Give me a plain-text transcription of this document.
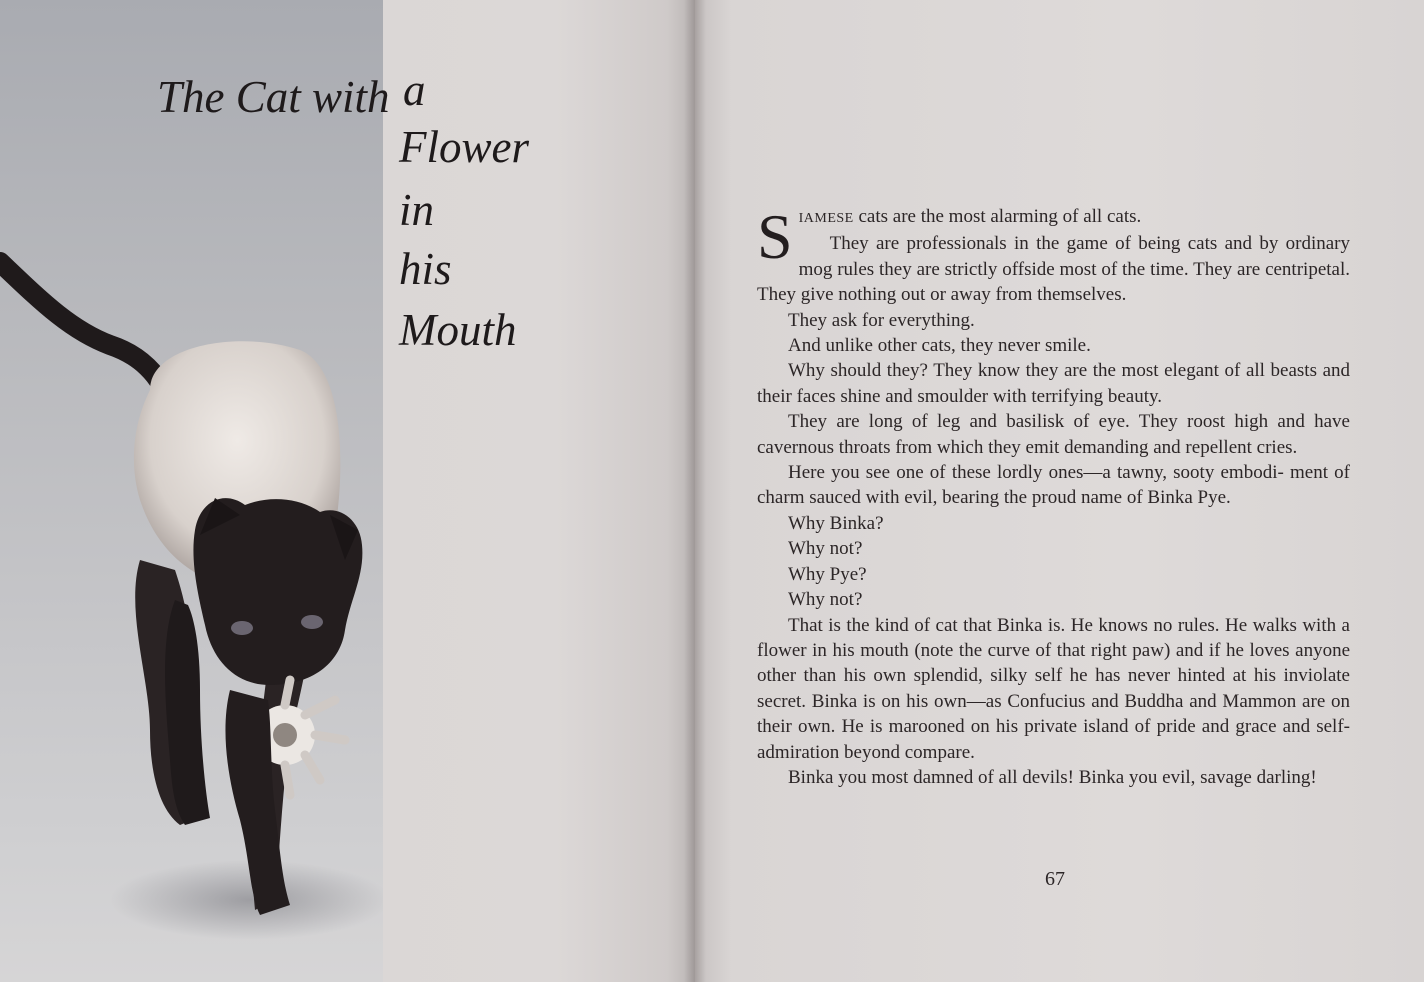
The Cat with a
Flower
in
his
Mouth

SIAMESE cats are the most alarming of all cats.

They are professionals in the game of being cats and by ordinary mog rules they are strictly offside most of the time. They are centripetal. They give nothing out or away from themselves.

They ask for everything.

And unlike other cats, they never smile.

Why should they? They know they are the most elegant of all beasts and their faces shine and smoulder with terrifying beauty.

They are long of leg and basilisk of eye. They roost high and have cavernous throats from which they emit demanding and repellent cries.

Here you see one of these lordly ones—a tawny, sooty embodi- ment of charm sauced with evil, bearing the proud name of Binka Pye.

Why Binka?

Why not?

Why Pye?

Why not?

That is the kind of cat that Binka is. He knows no rules. He walks with a flower in his mouth (note the curve of that right paw) and if he loves anyone other than his own splendid, silky self he has never hinted at his inviolate secret. Binka is on his own—as Confucius and Buddha and Mammon are on their own. He is marooned on his private island of pride and grace and self-admiration beyond compare.

Binka you most damned of all devils! Binka you evil, savage darling!

67
